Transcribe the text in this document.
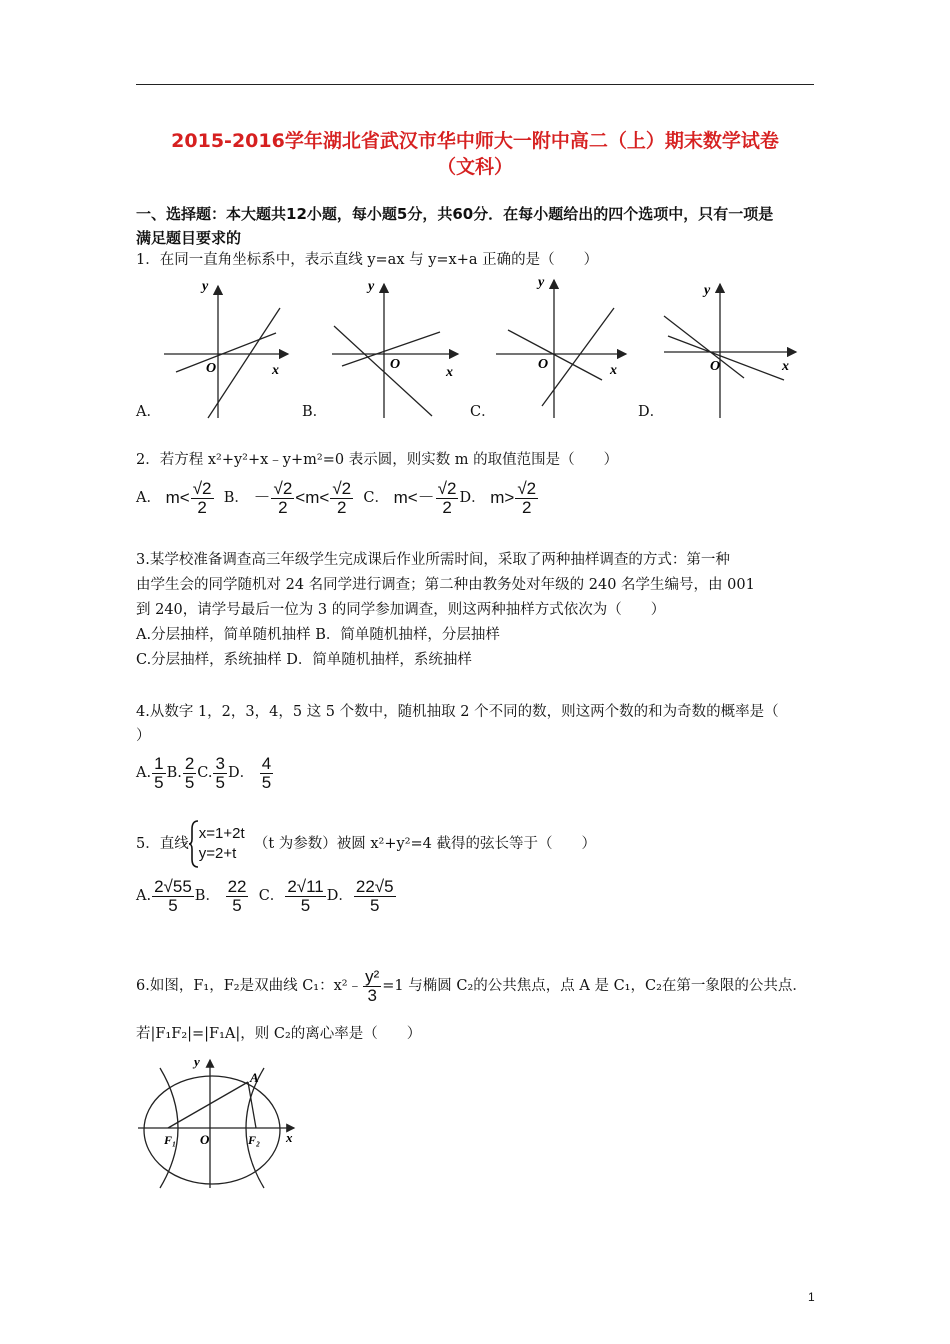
2015-2016学年湖北省武汉市华中师大一附中高二（上）期末数学试卷
（文科）
一、选择题：本大题共12小题，每小题5分，共60分．在每小题给出的四个选项中，只有一项是
满足题目要求的
1．在同一直角坐标系中，表示直线 y=ax 与 y=x+a 正确的是（　　）
y
x
O
y
x
O
y
x
O
y
x
O
A．	B．	C．	D．
2．若方程 x²+y²+x﹣y+m²=0 表示圆，则实数 m 的取值范围是（　　）
A．
$m < \frac{√2}{2}$
B．
－ $\frac{√2}{2} < m < \frac{√2}{2}$
C．
m < － $\frac{√2}{2}$ D．
$m > \frac{√2}{2}$
3.某学校准备调查高三年级学生完成课后作业所需时间，采取了两种抽样调查的方式：第一种
由学生会的同学随机对 24 名同学进行调查；第二种由教务处对年级的 240 名学生编号，由 001
到 240，请学号最后一位为 3 的同学参加调查，则这两种抽样方式依次为（　　）
A.分层抽样，简单随机抽样 B．简单随机抽样，分层抽样
C.分层抽样，系统抽样 D．简单随机抽样，系统抽样
4.从数字 1，2，3，4，5 这 5 个数中，随机抽取 2 个不同的数，则这两个数的和为奇数的概率是（
）
A. $\frac{1}{5} B$. $\frac{2}{5} C$. $\frac{3}{5}$ D．
$\frac{4}{5}$
5．直线
x=1+2t
y=2+t

（t 为参数）被圆 x²+y²=4 截得的弦长等于（　　）
A. $\frac{2√55}{5}$ B．
$\frac{22}{5}$
C． $\frac{2√11}{5}$ D． $\frac{22√5}{5}$
6.如图，F₁，F₂是双曲线 C₁：x²﹣ $\frac{\text{y²}}{3} =1$ 与椭圆 C₂的公共焦点，点 A 是 C₁，C₂在第一象限的公共点．
若|F₁F₂|=|F₁A|，则 C₂的离心率是（　　）
y
x
O
A
F₁	F₂
1
